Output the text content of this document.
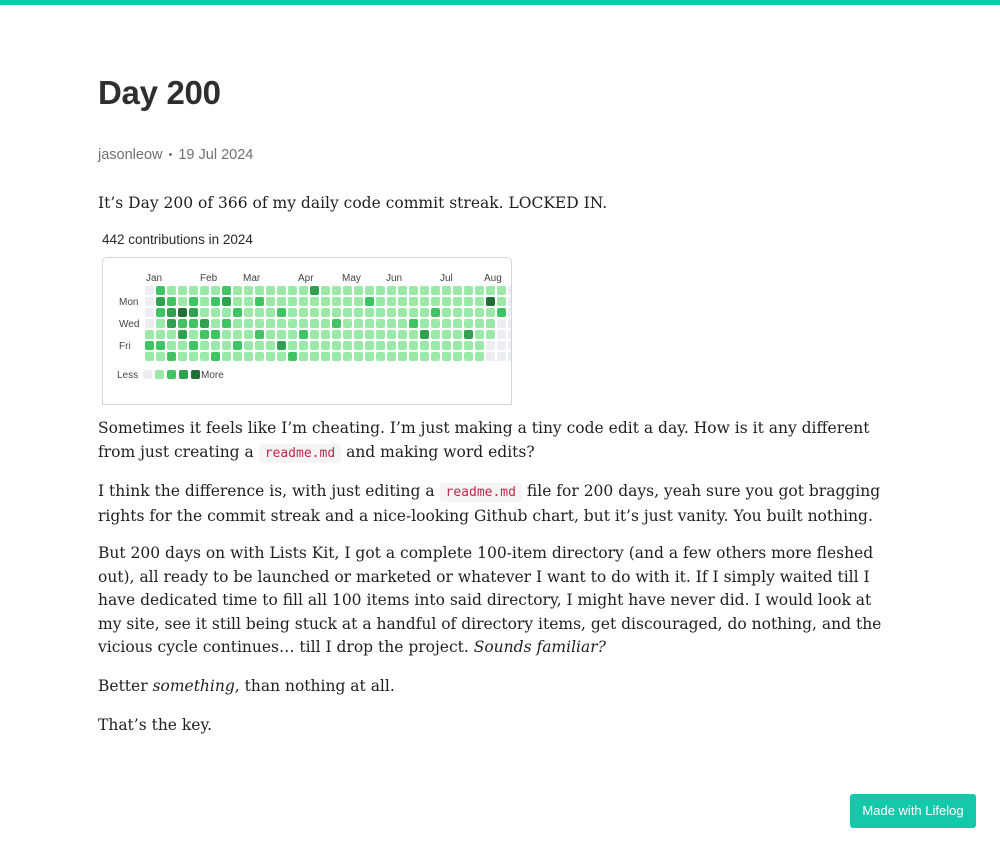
Day 200
jasonleow • 19 Jul 2024

It’s Day 200 of 366 of my daily code commit streak. LOCKED IN.

Sometimes it feels like I’m cheating. I’m just making a tiny code edit a day. How is it any different from just creating a readme.md and making word edits?

I think the difference is, with just editing a readme.md file for 200 days, yeah sure you got bragging rights for the commit streak and a nice-looking Github chart, but it’s just vanity. You built nothing.

But 200 days on with Lists Kit, I got a complete 100-item directory (and a few others more fleshed out), all ready to be launched or marketed or whatever I want to do with it. If I simply waited till I have dedicated time to fill all 100 items into said directory, I might have never did. I would look at my site, see it still being stuck at a handful of directory items, get discouraged, do nothing, and the vicious cycle continues… till I drop the project. Sounds familiar?

Better something, than nothing at all.

That’s the key.

442 contributions in 2024
Jan	Feb	Mar	Apr	May	Jun	Jul	Aug
Mon
Wed
Fri
Less	More
Made with Lifelog
